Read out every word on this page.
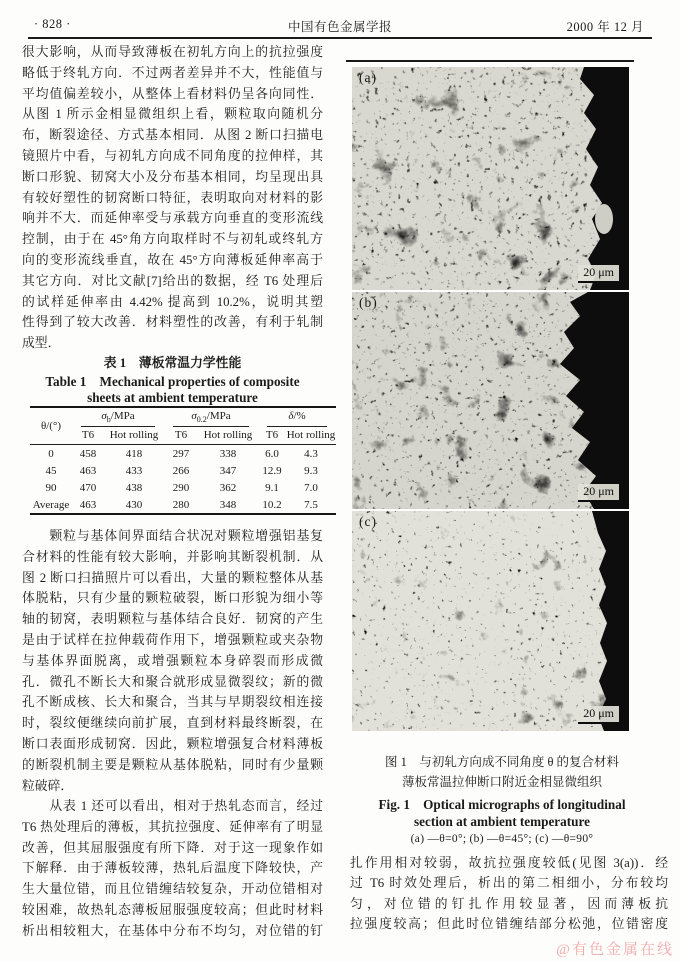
· 828 ·	中国有色金属学报	2000 年 12 月
很大影响，从而导致薄板在初轧方向上的抗拉强度
略低于终轧方向．不过两者差异并不大，性能值与
平均值偏差较小，从整体上看材料仍呈各向同性．
从图 1 所示金相显微组织上看，颗粒取向随机分
布，断裂途径、方式基本相同．从图 2 断口扫描电
镜照片中看，与初轧方向成不同角度的拉伸样，其
断口形貌、韧窝大小及分布基本相同，均呈现出具
有较好塑性的韧窝断口特征，表明取向对材料的影
响并不大．而延伸率受与承载方向垂直的变形流线
控制，由于在 45°角方向取样时不与初轧或终轧方
向的变形流线垂直，故在 45°方向薄板延伸率高于
其它方向．对比文献[7]给出的数据，经 T6 处理后
的试样延伸率由 4.42% 提高到 10.2%，说明其塑
性得到了较大改善．材料塑性的改善，有利于轧制
成型．
表 1　薄板常温力学性能
Table 1　Mechanical properties of composite
sheets at ambient temperature
θ/(°)	$\sigma_b$/MPa		$\sigma_{0.2}$/MPa		δ/%	

	T6	Hot rolling	T6	Hot rolling	T6	Hot rolling
0	458	418	297	338	6.0	4.3
45	463	433	266	347	12.9	9.3
90	470	438	290	362	9.1	7.0
Average	463	430	280	348	10.2	7.5
　　颗粒与基体间界面结合状况对颗粒增强铝基复
合材料的性能有较大影响，并影响其断裂机制．从
图 2 断口扫描照片可以看出，大量的颗粒整体从基
体脱粘，只有少量的颗粒破裂，断口形貌为细小等
轴的韧窝，表明颗粒与基体结合良好．韧窝的产生
是由于试样在拉伸载荷作用下，增强颗粒或夹杂物
与基体界面脱离，或增强颗粒本身碎裂而形成微
孔．微孔不断长大和聚合就形成显微裂纹；新的微
孔不断成核、长大和聚合，当其与早期裂纹相连接
时，裂纹便继续向前扩展，直到材料最终断裂，在
断口表面形成韧窝．因此，颗粒增强复合材料薄板
的断裂机制主要是颗粒从基体脱粘，同时有少量颗
粒破碎．
　　从表 1 还可以看出，相对于热轧态而言，经过
T6 热处理后的薄板，其抗拉强度、延伸率有了明显
改善，但其屈服强度有所下降．对于这一现象作如
下解释．由于薄板较薄，热轧后温度下降较快，产
生大量位错，而且位错缠结较复杂，开动位错相对
较困难，故热轧态薄板屈服强度较高；但此时材料
析出相较粗大，在基体中分布不均匀，对位错的钉
(a)
20 μm
(b)
20 μm
(c)
20 μm
图 1　与初轧方向成不同角度 θ 的复合材料
薄板常温拉伸断口附近金相显微组织
Fig. 1　Optical micrographs of longitudinal
section at ambient temperature
(a) —θ=0°; (b) —θ=45°; (c) —θ=90°
扎作用相对较弱，故抗拉强度较低(见图 3(a))．经
过 T6 时效处理后，析出的第二相细小，分布较均
匀，对位错的钉扎作用较显著，因而薄板抗
拉强度较高；但此时位错缠结部分松弛，位错密度
@有色金属在线
